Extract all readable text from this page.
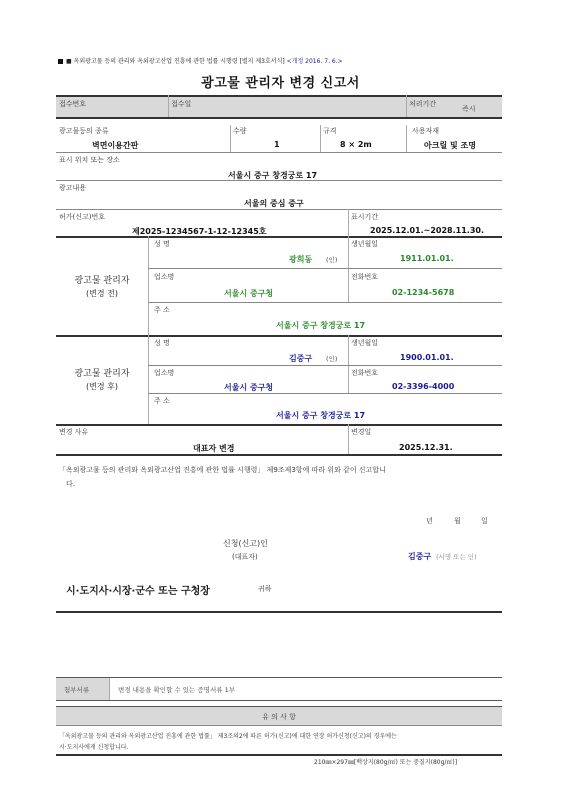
■ 옥외광고물 등의 관리와 옥외광고산업 진흥에 관한 법률 시행령 [별지 제3호서식] <개정 2016. 7. 6.>
광고물 관리자 변경 신고서
접수번호	접수일	처리기간
즉시
광고물등의 종류
벽면이용간판
수량
1
규격
8 × 2m
사용자재
아크릴 및 조명
표시 위치 또는 장소
서울시 중구 창경궁로 17
광고내용
서울의 중심 중구
허가(신고)번호
제2025-1234567-1-12-12345호
표시기간
2025.12.01.~2028.11.30.
광고물 관리자
(변경 전)
성 명
광희동 (인)
생년월일
1911.01.01.
업소명
서울시 중구청
전화번호
02-1234-5678
주 소
서울시 중구 창경궁로 17
광고물 관리자
(변경 후)
성 명
김중구 (인)
생년월일
1900.01.01.
업소명
서울시 중구청
전화번호
02-3396-4000
주 소
서울시 중구 창경궁로 17
변경 사유
대표자 변경
변경일
2025.12.31.
「옥외광고물 등의 관리와 옥외광고산업 진흥에 관한 법률 시행령」 제9조제3항에 따라 위와 같이 신고합니
다.
년	월	일
신청(신고)인
(대표자)	김중구 (서명 또는 인)
시·도지사·시장·군수 또는 구청장	귀하
첨부서류	변경 내용을 확인할 수 있는 증명서류 1부
유 의 사 항
「옥외광고물 등의 관리와 옥외광고산업 진흥에 관한 법률」 제3조의2에 따른 허가(신고)에 대한 연장 허가신청(신고)의 경우에는
시·도지사에게 신청합니다.
210㎜×297㎜[백상지(80g/㎡) 또는 중질지(80g/㎡)]
